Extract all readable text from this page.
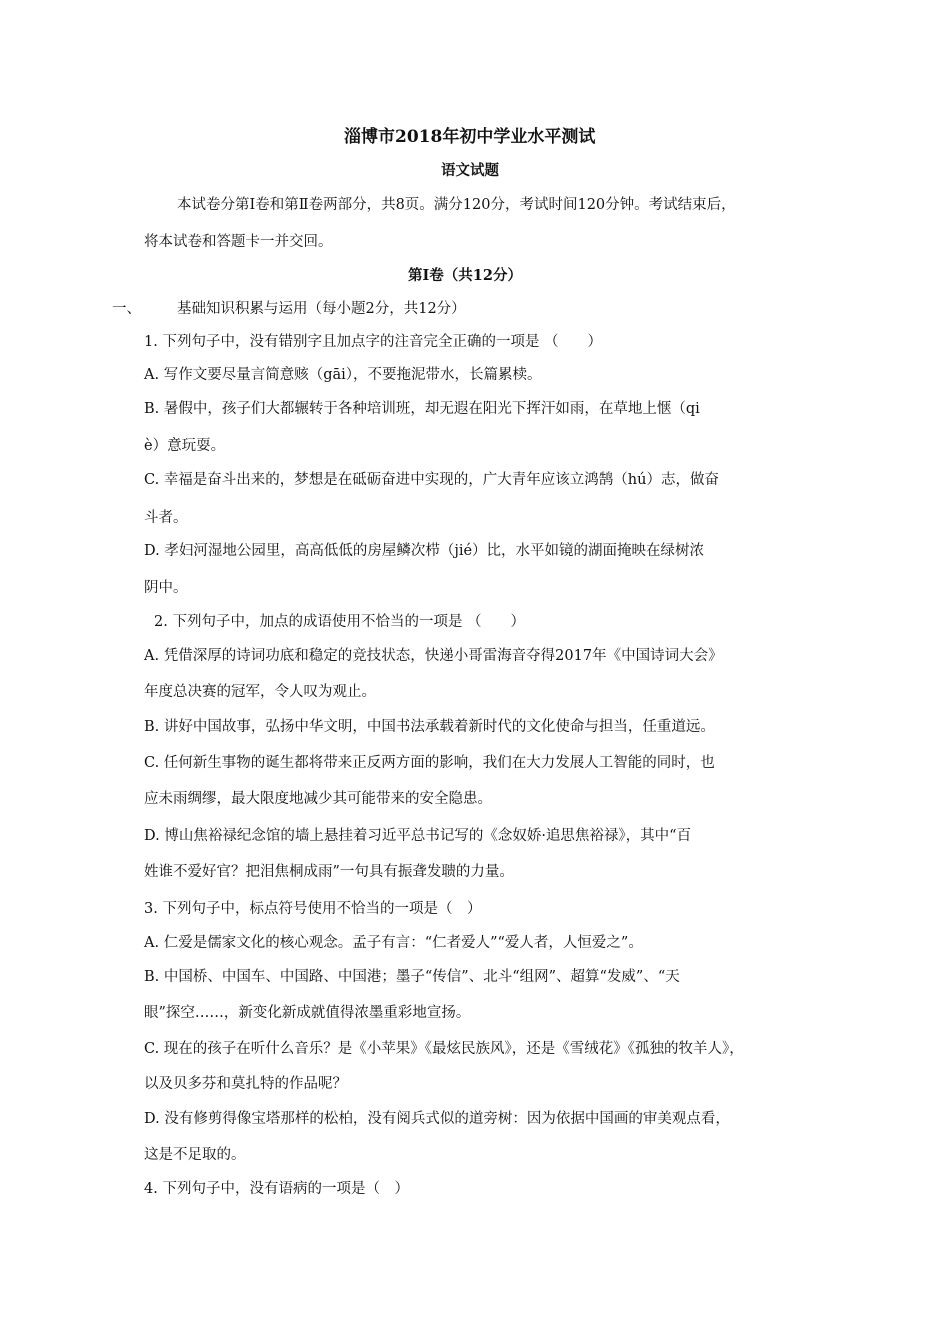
淄博市2018年初中学业水平测试
语文试题
本试卷分第Ⅰ卷和第Ⅱ卷两部分，共8页。满分120分，考试时间120分钟。考试结束后，
将本试卷和答题卡一并交回。
第Ⅰ卷（共12分）
一、 基础知识积累与运用（每小题2分，共12分）
1. 下列句子中，没有错别字且加点字的注音完全正确的一项是 （　　）
A. 写作文要尽量言简意赅（gāi），不要拖泥带水，长篇累椟。
B. 暑假中，孩子们大都辗转于各种培训班，却无遐在阳光下挥汗如雨，在草地上惬（qi
è）意玩耍。
C. 幸福是奋斗出来的，梦想是在砥砺奋进中实现的，广大青年应该立鸿鹄（hú）志，做奋
斗者。
D. 孝妇河湿地公园里，高高低低的房屋鳞次栉（jié）比，水平如镜的湖面掩映在绿树浓
阴中。
2. 下列句子中，加点的成语使用不恰当的一项是 （　　）
A. 凭借深厚的诗词功底和稳定的竞技状态，快递小哥雷海音夺得2017年《中国诗词大会》
年度总决赛的冠军，令人叹为观止。
B. 讲好中国故事，弘扬中华文明，中国书法承载着新时代的文化使命与担当，任重道远。
C. 任何新生事物的诞生都将带来正反两方面的影响，我们在大力发展人工智能的同时，也
应未雨绸缪，最大限度地减少其可能带来的安全隐患。
D. 博山焦裕禄纪念馆的墙上悬挂着习近平总书记写的《念奴娇·追思焦裕禄》，其中“百
姓谁不爱好官？把泪焦桐成雨”一句具有振聋发聩的力量。
3. 下列句子中，标点符号使用不恰当的一项是（　）
A. 仁爱是儒家文化的核心观念。孟子有言：“仁者爱人”“爱人者，人恒爱之”。
B. 中国桥、中国车、中国路、中国港；墨子“传信”、北斗“组网”、超算“发威”、“天
眼”探空……，新变化新成就值得浓墨重彩地宣扬。
C. 现在的孩子在听什么音乐？是《小苹果》《最炫民族风》，还是《雪绒花》《孤独的牧羊人》，
以及贝多芬和莫扎特的作品呢？
D. 没有修剪得像宝塔那样的松柏，没有阅兵式似的道旁树：因为依据中国画的审美观点看，
这是不足取的。
4. 下列句子中，没有语病的一项是（　）
